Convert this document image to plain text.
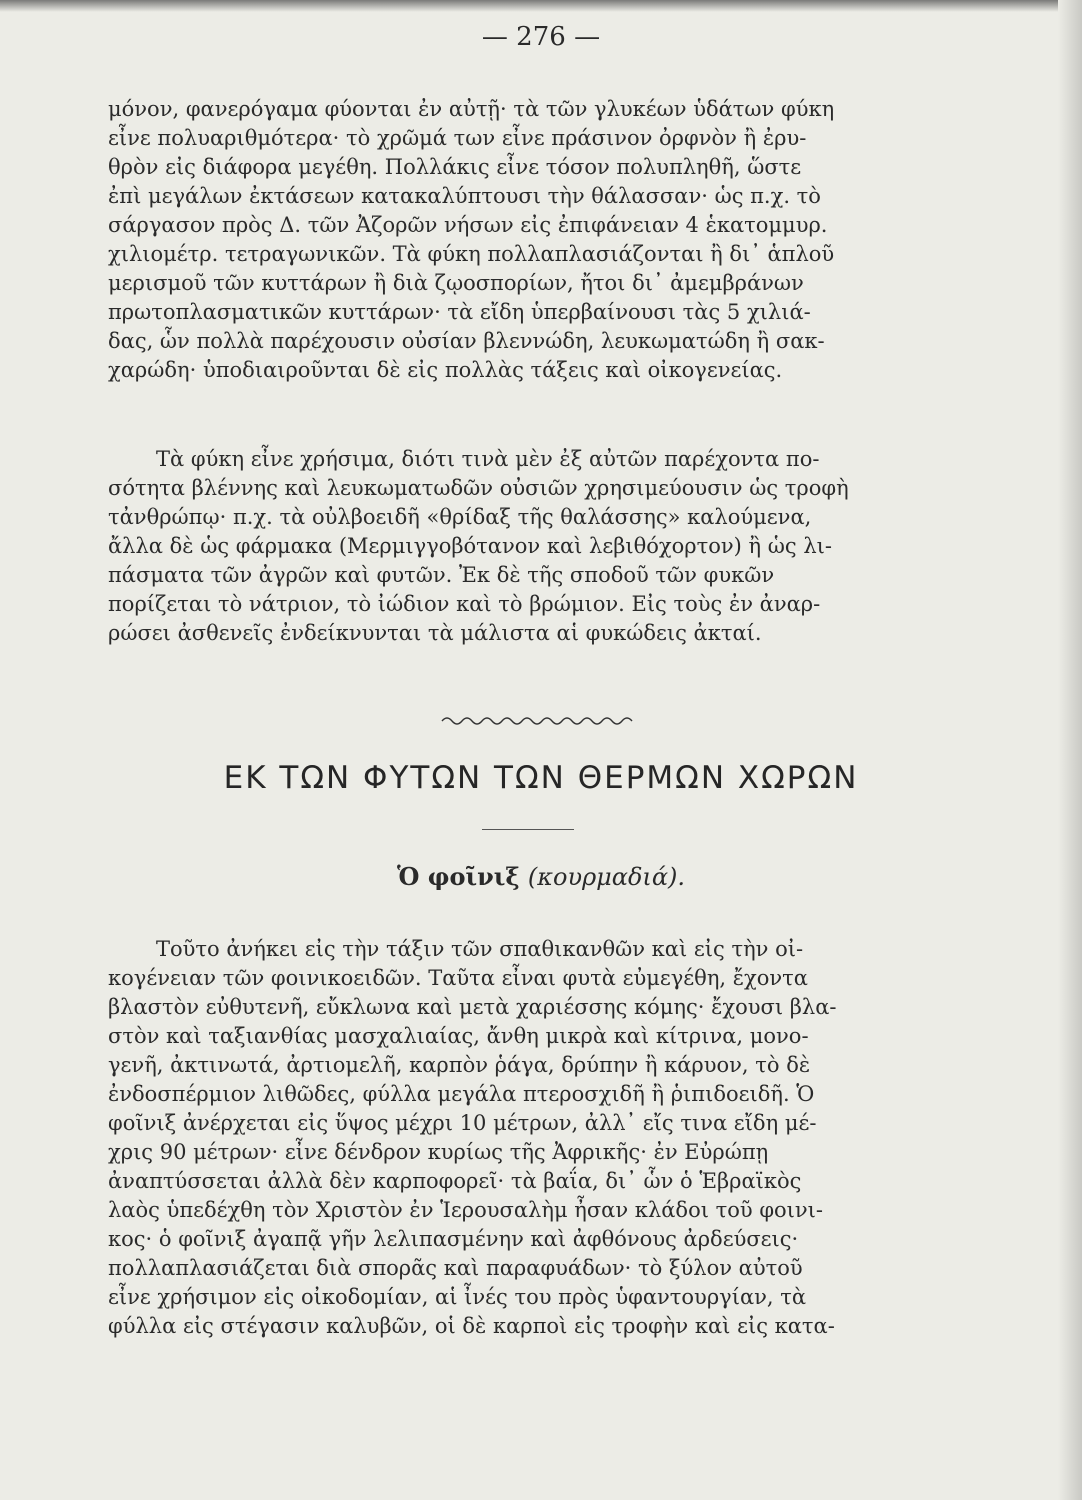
— 276 —
μόνον, φανερόγαμα φύονται ἐν αὐτῇ· τὰ τῶν γλυκέων ὑδάτων φύκη
εἶνε πολυαριθμότερα· τὸ χρῶμά των εἶνε πράσινον ὀρφνὸν ἢ ἐρυ-
θρὸν εἰς διάφορα μεγέθη. Πολλάκις εἶνε τόσον πολυπληθῆ, ὥστε
ἐπὶ μεγάλων ἐκτάσεων κατακαλύπτουσι τὴν θάλασσαν· ὡς π.χ. τὸ
σάργασον πρὸς Δ. τῶν Ἀζορῶν νήσων εἰς ἐπιφάνειαν 4 ἑκατομμυρ.
χιλιομέτρ. τετραγωνικῶν. Τὰ φύκη πολλαπλασιάζονται ἢ δι᾽ ἁπλοῦ
μερισμοῦ τῶν κυττάρων ἢ διὰ ζῳοσπορίων, ἤτοι δι᾽ ἀμεμβράνων
πρωτοπλασματικῶν κυττάρων· τὰ εἴδη ὑπερβαίνουσι τὰς 5 χιλιά-
δας, ὧν πολλὰ παρέχουσιν οὐσίαν βλεννώδη, λευκωματώδη ἢ σακ-
χαρώδη· ὑποδιαιροῦνται δὲ εἰς πολλὰς τάξεις καὶ οἰκογενείας.
Τὰ φύκη εἶνε χρήσιμα, διότι τινὰ μὲν ἐξ αὐτῶν παρέχοντα πο-
σότητα βλέννης καὶ λευκωματωδῶν οὐσιῶν χρησιμεύουσιν ὡς τροφὴ
τἀνθρώπῳ· π.χ. τὰ οὐλβοειδῆ «θρίδαξ τῆς θαλάσσης» καλούμενα,
ἄλλα δὲ ὡς φάρμακα (Μερμιγγοβότανον καὶ λεβιθόχορτον) ἢ ὡς λι-
πάσματα τῶν ἀγρῶν καὶ φυτῶν. Ἐκ δὲ τῆς σποδοῦ τῶν φυκῶν
πορίζεται τὸ νάτριον, τὸ ἰώδιον καὶ τὸ βρώμιον. Εἰς τοὺς ἐν ἀναρ-
ρώσει ἀσθενεῖς ἐνδείκνυνται τὰ μάλιστα αἱ φυκώδεις ἀκταί.
ΕΚ ΤΩΝ ΦΥΤΩΝ ΤΩΝ ΘΕΡΜΩΝ ΧΩΡΩΝ
Ὁ φοῖνιξ (κουρμαδιά).
Τοῦτο ἀνήκει εἰς τὴν τάξιν τῶν σπαθικανθῶν καὶ εἰς τὴν οἰ-
κογένειαν τῶν φοινικοειδῶν. Ταῦτα εἶναι φυτὰ εὐμεγέθη, ἔχοντα
βλαστὸν εὐθυτενῆ, εὔκλωνα καὶ μετὰ χαριέσσης κόμης· ἔχουσι βλα-
στὸν καὶ ταξιανθίας μασχαλιαίας, ἄνθη μικρὰ καὶ κίτρινα, μονο-
γενῆ, ἀκτινωτά, ἀρτιομελῆ, καρπὸν ῥάγα, δρύπην ἢ κάρυον, τὸ δὲ
ἐνδοσπέρμιον λιθῶδες, φύλλα μεγάλα πτεροσχιδῆ ἢ ῥιπιδοειδῆ. Ὁ
φοῖνιξ ἀνέρχεται εἰς ὕψος μέχρι 10 μέτρων, ἀλλ᾽ εἴς τινα εἴδη μέ-
χρις 90 μέτρων· εἶνε δένδρον κυρίως τῆς Ἀφρικῆς· ἐν Εὐρώπῃ
ἀναπτύσσεται ἀλλὰ δὲν καρποφορεῖ· τὰ βαΐα, δι᾽ ὧν ὁ Ἑβραϊκὸς
λαὸς ὑπεδέχθη τὸν Χριστὸν ἐν Ἱερουσαλὴμ ἦσαν κλάδοι τοῦ φοινι-
κος· ὁ φοῖνιξ ἀγαπᾷ γῆν λελιπασμένην καὶ ἀφθόνους ἀρδεύσεις·
πολλαπλασιάζεται διὰ σπορᾶς καὶ παραφυάδων· τὸ ξύλον αὐτοῦ
εἶνε χρήσιμον εἰς οἰκοδομίαν, αἱ ἶνές του πρὸς ὑφαντουργίαν, τὰ
φύλλα εἰς στέγασιν καλυβῶν, οἱ δὲ καρποὶ εἰς τροφὴν καὶ εἰς κατα-
